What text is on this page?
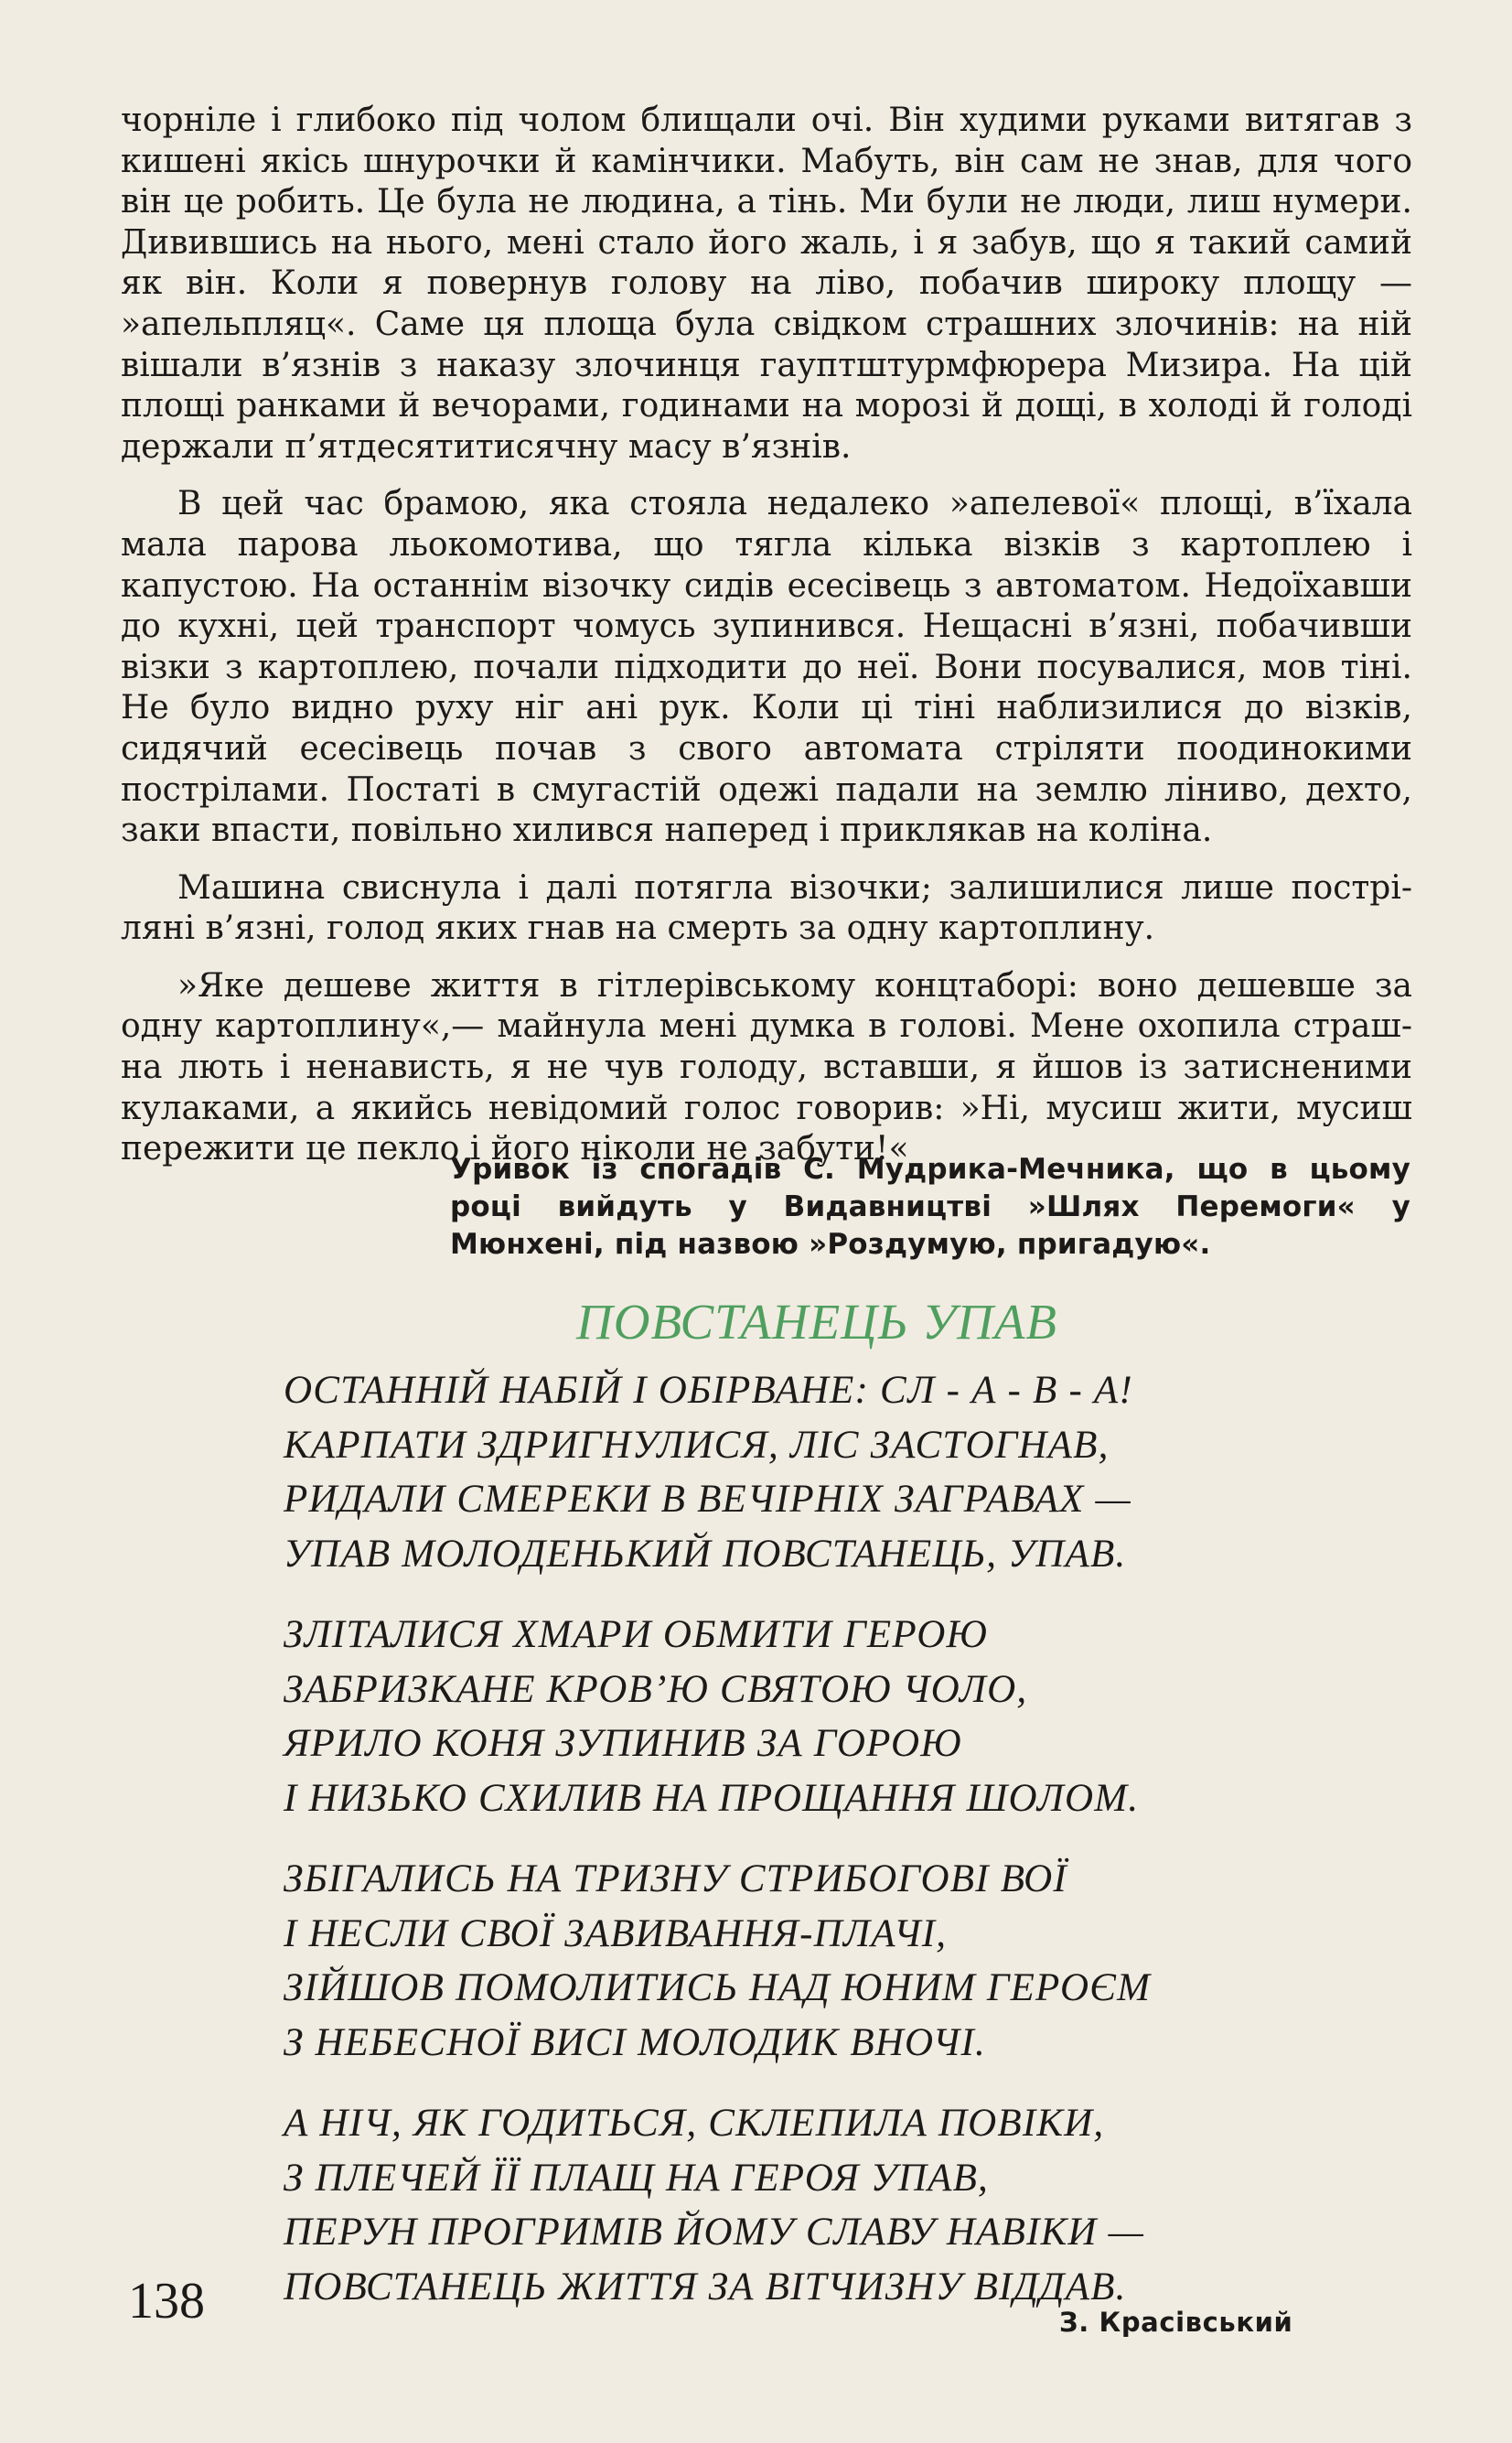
чорніле і глибоко під чолом блищали очі. Він худими руками витягав з кишені якісь шнурочки й камінчики. Мабуть, він сам не знав, для чого він це робить. Це була не людина, а тінь. Ми були не люди, лиш нумери. Дивившись на нього, мені стало його жаль, і я забув, що я такий самий як він. Коли я повернув голову на ліво, побачив широку площу — »апельпляц«. Саме ця площа була свідком страшних злочинів: на ній вішали в’язнів з наказу злочинця гауптштурмфюрера Мизира. На цій площі ранками й вечорами, годинами на морозі й дощі, в холоді й голоді держали п’ятдесятитисячну масу в’язнів.

В цей час брамою, яка стояла недалеко »апелевої« площі, в’їхала мала парова льокомотива, що тягла кілька візків з картоплею і капустою. На останнім візочку сидів есесівець з автоматом. Недоїхавши до кухні, цей транспорт чомусь зупинився. Нещасні в’язні, побачивши візки з картоплею, почали підходити до неї. Вони посувалися, мов тіні. Не було видно руху ніг ані рук. Коли ці тіні наблизилися до візків, сидячий есесівець почав з свого автомата стріляти поодинокими пострілами. Постаті в смугастій одежі падали на землю ліниво, дехто, заки впасти, повільно хилився наперед і приклякав на коліна.

Машина свиснула і далі потягла візочки; залишилися лише постріляні в’язні, голод яких гнав на смерть за одну картоплину.

»Яке дешеве життя в гітлерівському концтаборі: воно дешевше за одну картоплину«,— майнула мені думка в голові. Мене охопила страшна лють і ненависть, я не чув голоду, вставши, я йшов із затисненими кулаками, а якийсь невідомий голос говорив: »Ні, мусиш жити, мусиш пережити це пекло і його ніколи не забути!«

Уривок із спогадів С. Мудрика-Мечника, що в цьому році вийдуть у Видавництві »Шлях Перемоги« у Мюнхені, під назвою »Роздумую, пригадую«.
ПОВСТАНЕЦЬ УПАВ
ОСТАННІЙ НАБІЙ І ОБІРВАНЕ: СЛ - А - В - А!
КАРПАТИ ЗДРИГНУЛИСЯ, ЛІС ЗАСТОГНАВ,
РИДАЛИ СМЕРЕКИ В ВЕЧІРНІХ ЗАГРАВАХ —
УПАВ МОЛОДЕНЬКИЙ ПОВСТАНЕЦЬ, УПАВ.
ЗЛІТАЛИСЯ ХМАРИ ОБМИТИ ГЕРОЮ
ЗАБРИЗКАНЕ КРОВ’Ю СВЯТОЮ ЧОЛО,
ЯРИЛО КОНЯ ЗУПИНИВ ЗА ГОРОЮ
І НИЗЬКО СХИЛИВ НА ПРОЩАННЯ ШОЛОМ.
ЗБІГАЛИСЬ НА ТРИЗНУ СТРИБОГОВІ ВОЇ
І НЕСЛИ СВОЇ ЗАВИВАННЯ-ПЛАЧІ,
ЗІЙШОВ ПОМОЛИТИСЬ НАД ЮНИМ ГЕРОЄМ
З НЕБЕСНОЇ ВИСІ МОЛОДИК ВНОЧІ.
А НІЧ, ЯК ГОДИТЬСЯ, СКЛЕПИЛА ПОВІКИ,
З ПЛЕЧЕЙ ЇЇ ПЛАЩ НА ГЕРОЯ УПАВ,
ПЕРУН ПРОГРИМІВ ЙОМУ СЛАВУ НАВІКИ —
ПОВСТАНЕЦЬ ЖИТТЯ ЗА ВІТЧИЗНУ ВІДДАВ.
138	З. Красівський
